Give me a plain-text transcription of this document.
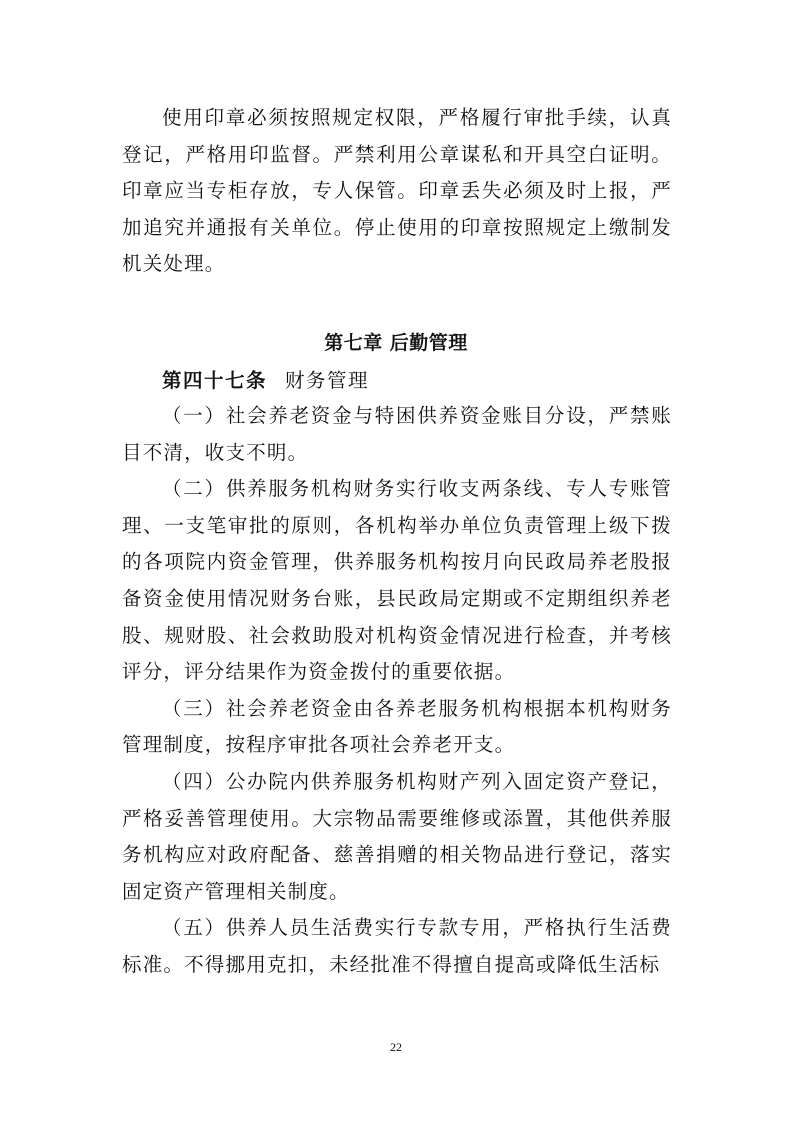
使用印章必须按照规定权限，严格履行审批手续，认真登记，严格用印监督。严禁利用公章谋私和开具空白证明。印章应当专柜存放，专人保管。印章丢失必须及时上报，严加追究并通报有关单位。停止使用的印章按照规定上缴制发机关处理。

第七章 后勤管理
第四十七条 财务管理

（一）社会养老资金与特困供养资金账目分设，严禁账目不清，收支不明。

（二）供养服务机构财务实行收支两条线、专人专账管理、一支笔审批的原则，各机构举办单位负责管理上级下拨的各项院内资金管理，供养服务机构按月向民政局养老股报备资金使用情况财务台账，县民政局定期或不定期组织养老股、规财股、社会救助股对机构资金情况进行检查，并考核评分，评分结果作为资金拨付的重要依据。

（三）社会养老资金由各养老服务机构根据本机构财务管理制度，按程序审批各项社会养老开支。

（四）公办院内供养服务机构财产列入固定资产登记，严格妥善管理使用。大宗物品需要维修或添置，其他供养服务机构应对政府配备、慈善捐赠的相关物品进行登记，落实固定资产管理相关制度。

（五）供养人员生活费实行专款专用，严格执行生活费标准。不得挪用克扣，未经批准不得擅自提高或降低生活标

22
